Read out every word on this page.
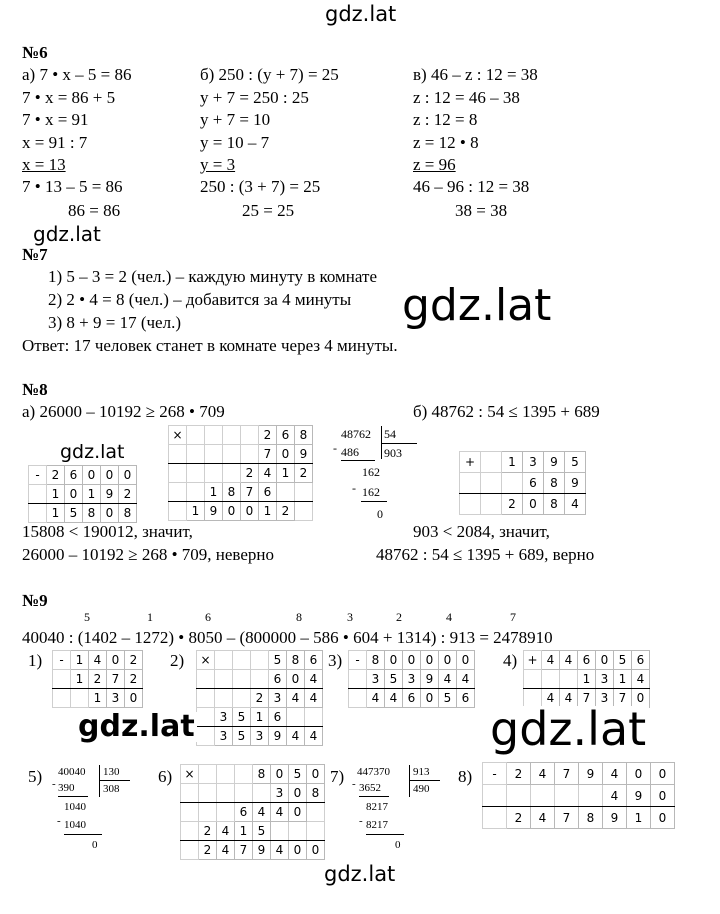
gdz.lat
№6
а) 7 • x – 5 = 86
7 • x = 86 + 5
7 • x = 91
x = 91 : 7
x = 13
7 • 13 – 5 = 86
86 = 86
б) 250 : (y + 7) = 25
y + 7 = 250 : 25
y + 7 = 10
y = 10 – 7
y = 3
250 : (3 + 7) = 25
25 = 25
в) 46 – z : 12 = 38
z : 12 = 46 – 38
z : 12 = 8
z = 12 • 8
z = 96
46 – 96 : 12 = 38
38 = 38
gdz.lat
№7
1) 5 – 3 = 2 (чел.) – каждую минуту в комнате
2) 2 • 4 = 8 (чел.) – добавится за 4 минуты
3) 8 + 9 = 17 (чел.)
Ответ: 17 человек станет в комнате через 4 минуты.
gdz.lat
№8
а) 26000 – 10192 ≥ 268 • 709	б) 48762 : 54 ≤ 1395 + 689
gdz.lat
-	2	6	0	0	0
	1	0	1	9	2
	1	5	8	0	8
×					2	6	8
					7	0	9
				2	4	1	2
		1	8	7	6		
	1	9	0	0	1	2	
48762 54
903
- 486
162
- 162
0
+		1	3	9	5
			6	8	9
		2	0	8	4
15808 < 190012, значит,
26000 – 10192 ≥ 268 • 709, неверно
903 < 2084, значит,
48762 : 54 ≤ 1395 + 689, верно
№9
5	1	6	8	3	2	4	7
40040 : (1402 – 1272) • 8050 – (800000 – 586 • 604 + 1314) : 913 = 2478910
1) -	1	4	0	2
	1	2	7	2
		1	3	0
2) ×				5	8	6
				6	0	4
			2	3	4	4
	3	5	1	6		
	3	5	3	9	4	4
3) -	8	0	0	0	0	0
	3	5	3	9	4	4
	4	4	6	0	5	6
4) +	4	4	6	0	5	6
			1	3	1	4
	4	4	7	3	7	0
gdz.lat	gdz.lat
5) 40040 130
308
- 390
1040
- 1040
0
6) ×				8	0	5	0
					3	0	8
			6	4	4	0	
	2	4	1	5			
	2	4	7	9	4	0	0
7) 447370 913
490
- 3652
8217
- 8217
0
8) -	2	4	7	9	4	0	0
					4	9	0
	2	4	7	8	9	1	0
gdz.lat
